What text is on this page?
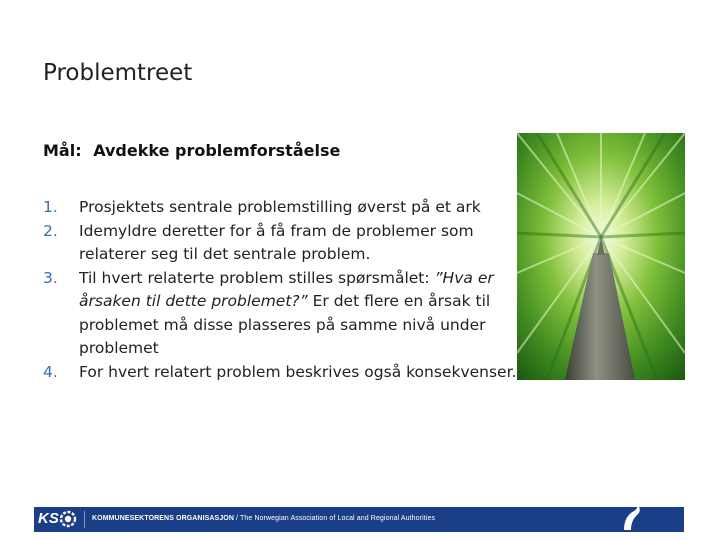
Problemtreet
Mål: Avdekke problemforståelse
1.	Prosjektets sentrale problemstilling øverst på et ark
2.	Idemyldre deretter for å få fram de problemer som relaterer seg til det sentrale problem.
3.	Til hvert relaterte problem stilles spørsmålet: ”Hva er årsaken til dette problemet?” Er det flere en årsak til problemet må disse plasseres på samme nivå under problemet
4.	For hvert relatert problem beskrives også konsekvenser.
KS	KOMMUNESEKTORENS ORGANISASJON / The Norwegian Association of Local and Regional Authorities
